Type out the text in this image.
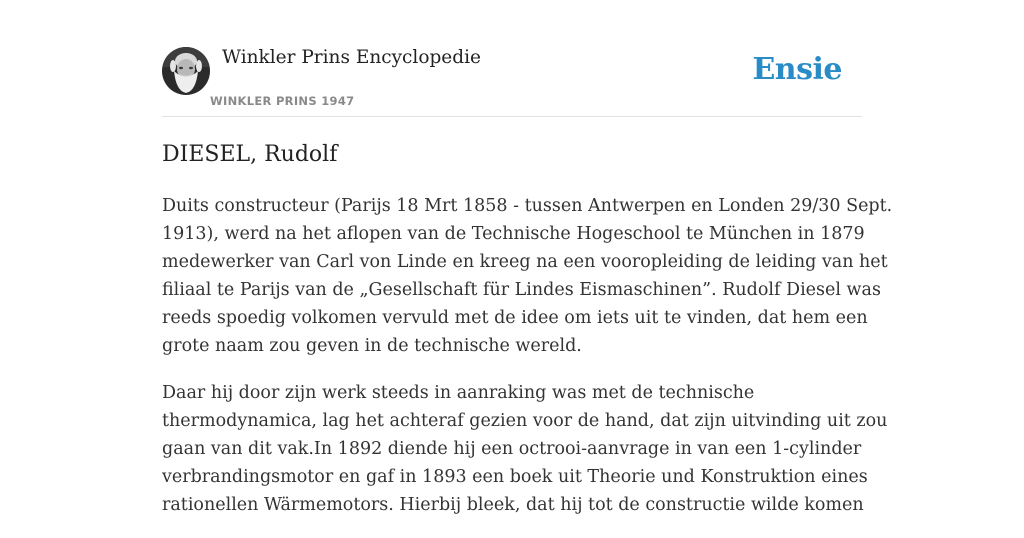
Winkler Prins Encyclopedie
WINKLER PRINS 1947
Ensie
DIESEL, Rudolf

Duits constructeur (Parijs 18 Mrt 1858 - tussen Antwerpen en Londen 29/30 Sept.
1913), werd na het aflopen van de Technische Hogeschool te München in 1879
medewerker van Carl von Linde en kreeg na een vooropleiding de leiding van het
filiaal te Parijs van de „Gesellschaft für Lindes Eismaschinen”. Rudolf Diesel was
reeds spoedig volkomen vervuld met de idee om iets uit te vinden, dat hem een
grote naam zou geven in de technische wereld.

Daar hij door zijn werk steeds in aanraking was met de technische
thermodynamica, lag het achteraf gezien voor de hand, dat zijn uitvinding uit zou
gaan van dit vak.In 1892 diende hij een octrooi-aanvrage in van een 1-cylinder
verbrandingsmotor en gaf in 1893 een boek uit Theorie und Konstruktion eines
rationellen Wärmemotors. Hierbij bleek, dat hij tot de constructie wilde komen
